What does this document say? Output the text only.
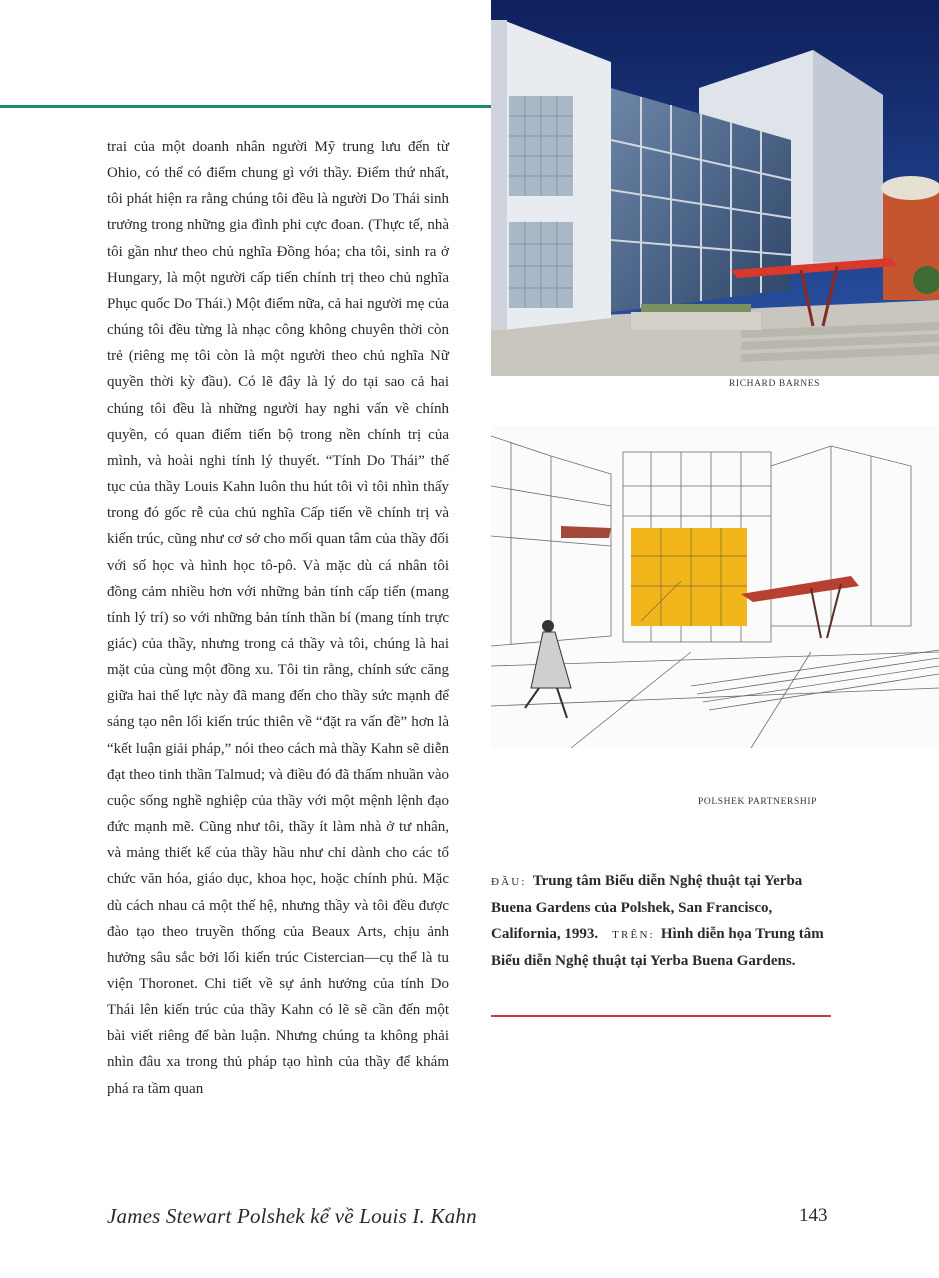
trai của một doanh nhân người Mỹ trung lưu đến từ Ohio, có thể có điểm chung gì với thầy. Điểm thứ nhất, tôi phát hiện ra rằng chúng tôi đều là người Do Thái sinh trưởng trong những gia đình phi cực đoan. (Thực tế, nhà tôi gần như theo chủ nghĩa Đồng hóa; cha tôi, sinh ra ở Hungary, là một người cấp tiến chính trị theo chủ nghĩa Phục quốc Do Thái.) Một điểm nữa, cả hai người mẹ của chúng tôi đều từng là nhạc công không chuyên thời còn trẻ (riêng mẹ tôi còn là một người theo chủ nghĩa Nữ quyền thời kỳ đầu). Có lẽ đây là lý do tại sao cả hai chúng tôi đều là những người hay nghi vấn về chính quyền, có quan điểm tiến bộ trong nền chính trị của mình, và hoài nghi tính lý thuyết. “Tính Do Thái” thế tục của thầy Louis Kahn luôn thu hút tôi vì tôi nhìn thấy trong đó gốc rễ của chủ nghĩa Cấp tiến về chính trị và kiến trúc, cũng như cơ sở cho mối quan tâm của thầy đối với số học và hình học tô-pô. Và mặc dù cá nhân tôi đồng cảm nhiều hơn với những bản tính cấp tiến (mang tính lý trí) so với những bản tính thần bí (mang tính trực giác) của thầy, nhưng trong cả thầy và tôi, chúng là hai mặt của cùng một đồng xu. Tôi tin rằng, chính sức căng giữa hai thế lực này đã mang đến cho thầy sức mạnh để sáng tạo nên lối kiến trúc thiên về “đặt ra vấn đề” hơn là “kết luận giải pháp,” nói theo cách mà thầy Kahn sẽ diễn đạt theo tinh thần Talmud; và điều đó đã thấm nhuần vào cuộc sống nghề nghiệp của thầy với một mệnh lệnh đạo đức mạnh mẽ. Cũng như tôi, thầy ít làm nhà ở tư nhân, và mảng thiết kế của thầy hầu như chỉ dành cho các tổ chức văn hóa, giáo dục, khoa học, hoặc chính phủ. Mặc dù cách nhau cả một thế hệ, nhưng thầy và tôi đều được đào tạo theo truyền thống của Beaux Arts, chịu ảnh hưởng sâu sắc bởi lối kiến trúc Cistercian—cụ thể là tu viện Thoronet. Chi tiết về sự ảnh hưởng của tính Do Thái lên kiến trúc của thầy Kahn có lẽ sẽ cần đến một bài viết riêng để bàn luận. Nhưng chúng ta không phải nhìn đâu xa trong thủ pháp tạo hình của thầy để khám phá ra tầm quan

RICHARD BARNES
POLSHEK PARTNERSHIP

ĐẦU: Trung tâm Biểu diễn Nghệ thuật tại Yerba Buena Gardens của Polshek, San Francisco, California, 1993. TRÊN: Hình diễn họa Trung tâm Biểu diễn Nghệ thuật tại Yerba Buena Gardens.

James Stewart Polshek kể về Louis I. Kahn	143
